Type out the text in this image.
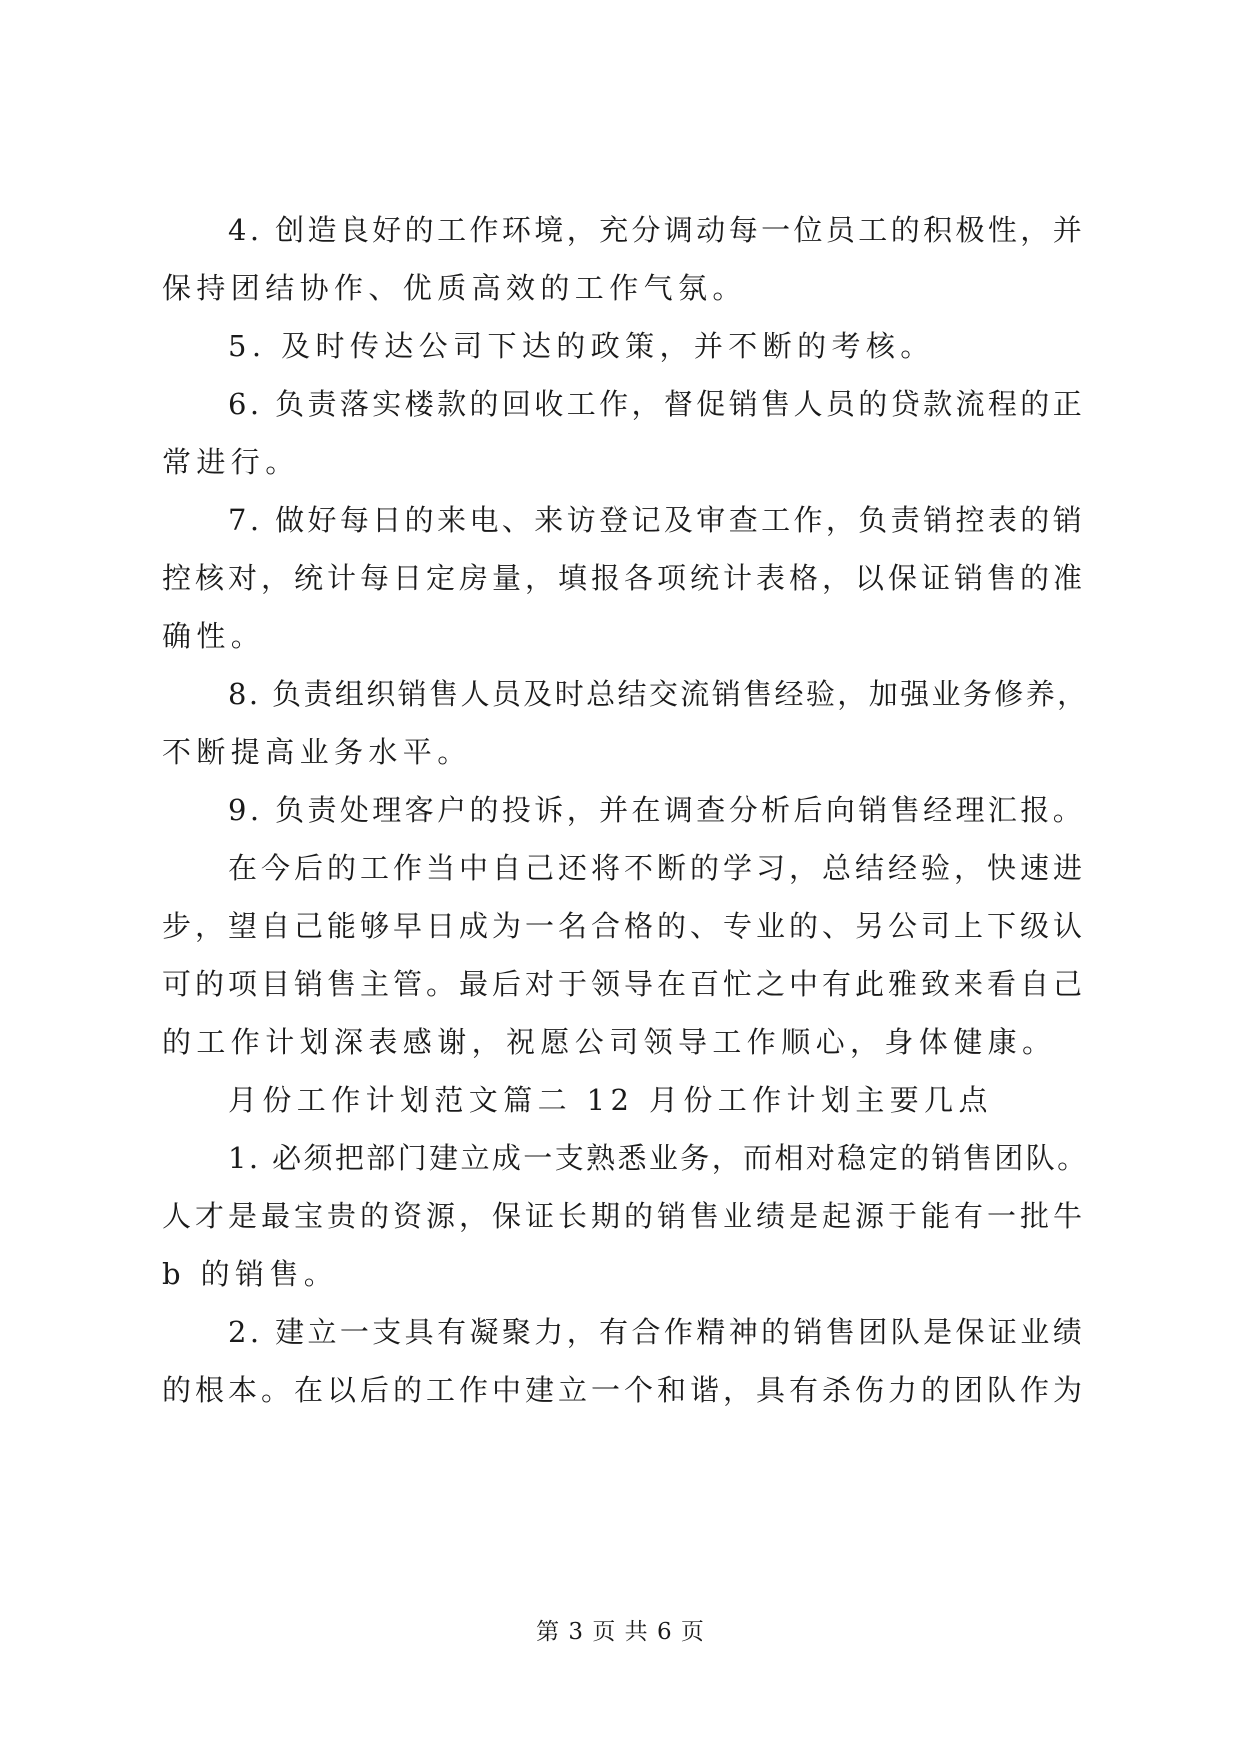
4. 创造良好的工作环境，充分调动每一位员工的积极性，并
保持团结协作、优质高效的工作气氛。
5. 及时传达公司下达的政策，并不断的考核。
6. 负责落实楼款的回收工作，督促销售人员的贷款流程的正
常进行。
7. 做好每日的来电、来访登记及审查工作，负责销控表的销
控核对，统计每日定房量，填报各项统计表格，以保证销售的准
确性。
8. 负责组织销售人员及时总结交流销售经验，加强业务修养，
不断提高业务水平。
9. 负责处理客户的投诉，并在调查分析后向销售经理汇报。
在今后的工作当中自己还将不断的学习，总结经验，快速进
步，望自己能够早日成为一名合格的、专业的、另公司上下级认
可的项目销售主管。最后对于领导在百忙之中有此雅致来看自己
的工作计划深表感谢，祝愿公司领导工作顺心，身体健康。
月份工作计划范文篇二 12 月份工作计划主要几点
1. 必须把部门建立成一支熟悉业务，而相对稳定的销售团队。
人才是最宝贵的资源，保证长期的销售业绩是起源于能有一批牛
b 的销售。
2. 建立一支具有凝聚力，有合作精神的销售团队是保证业绩
的根本。在以后的工作中建立一个和谐，具有杀伤力的团队作为
第 3 页 共 6 页
